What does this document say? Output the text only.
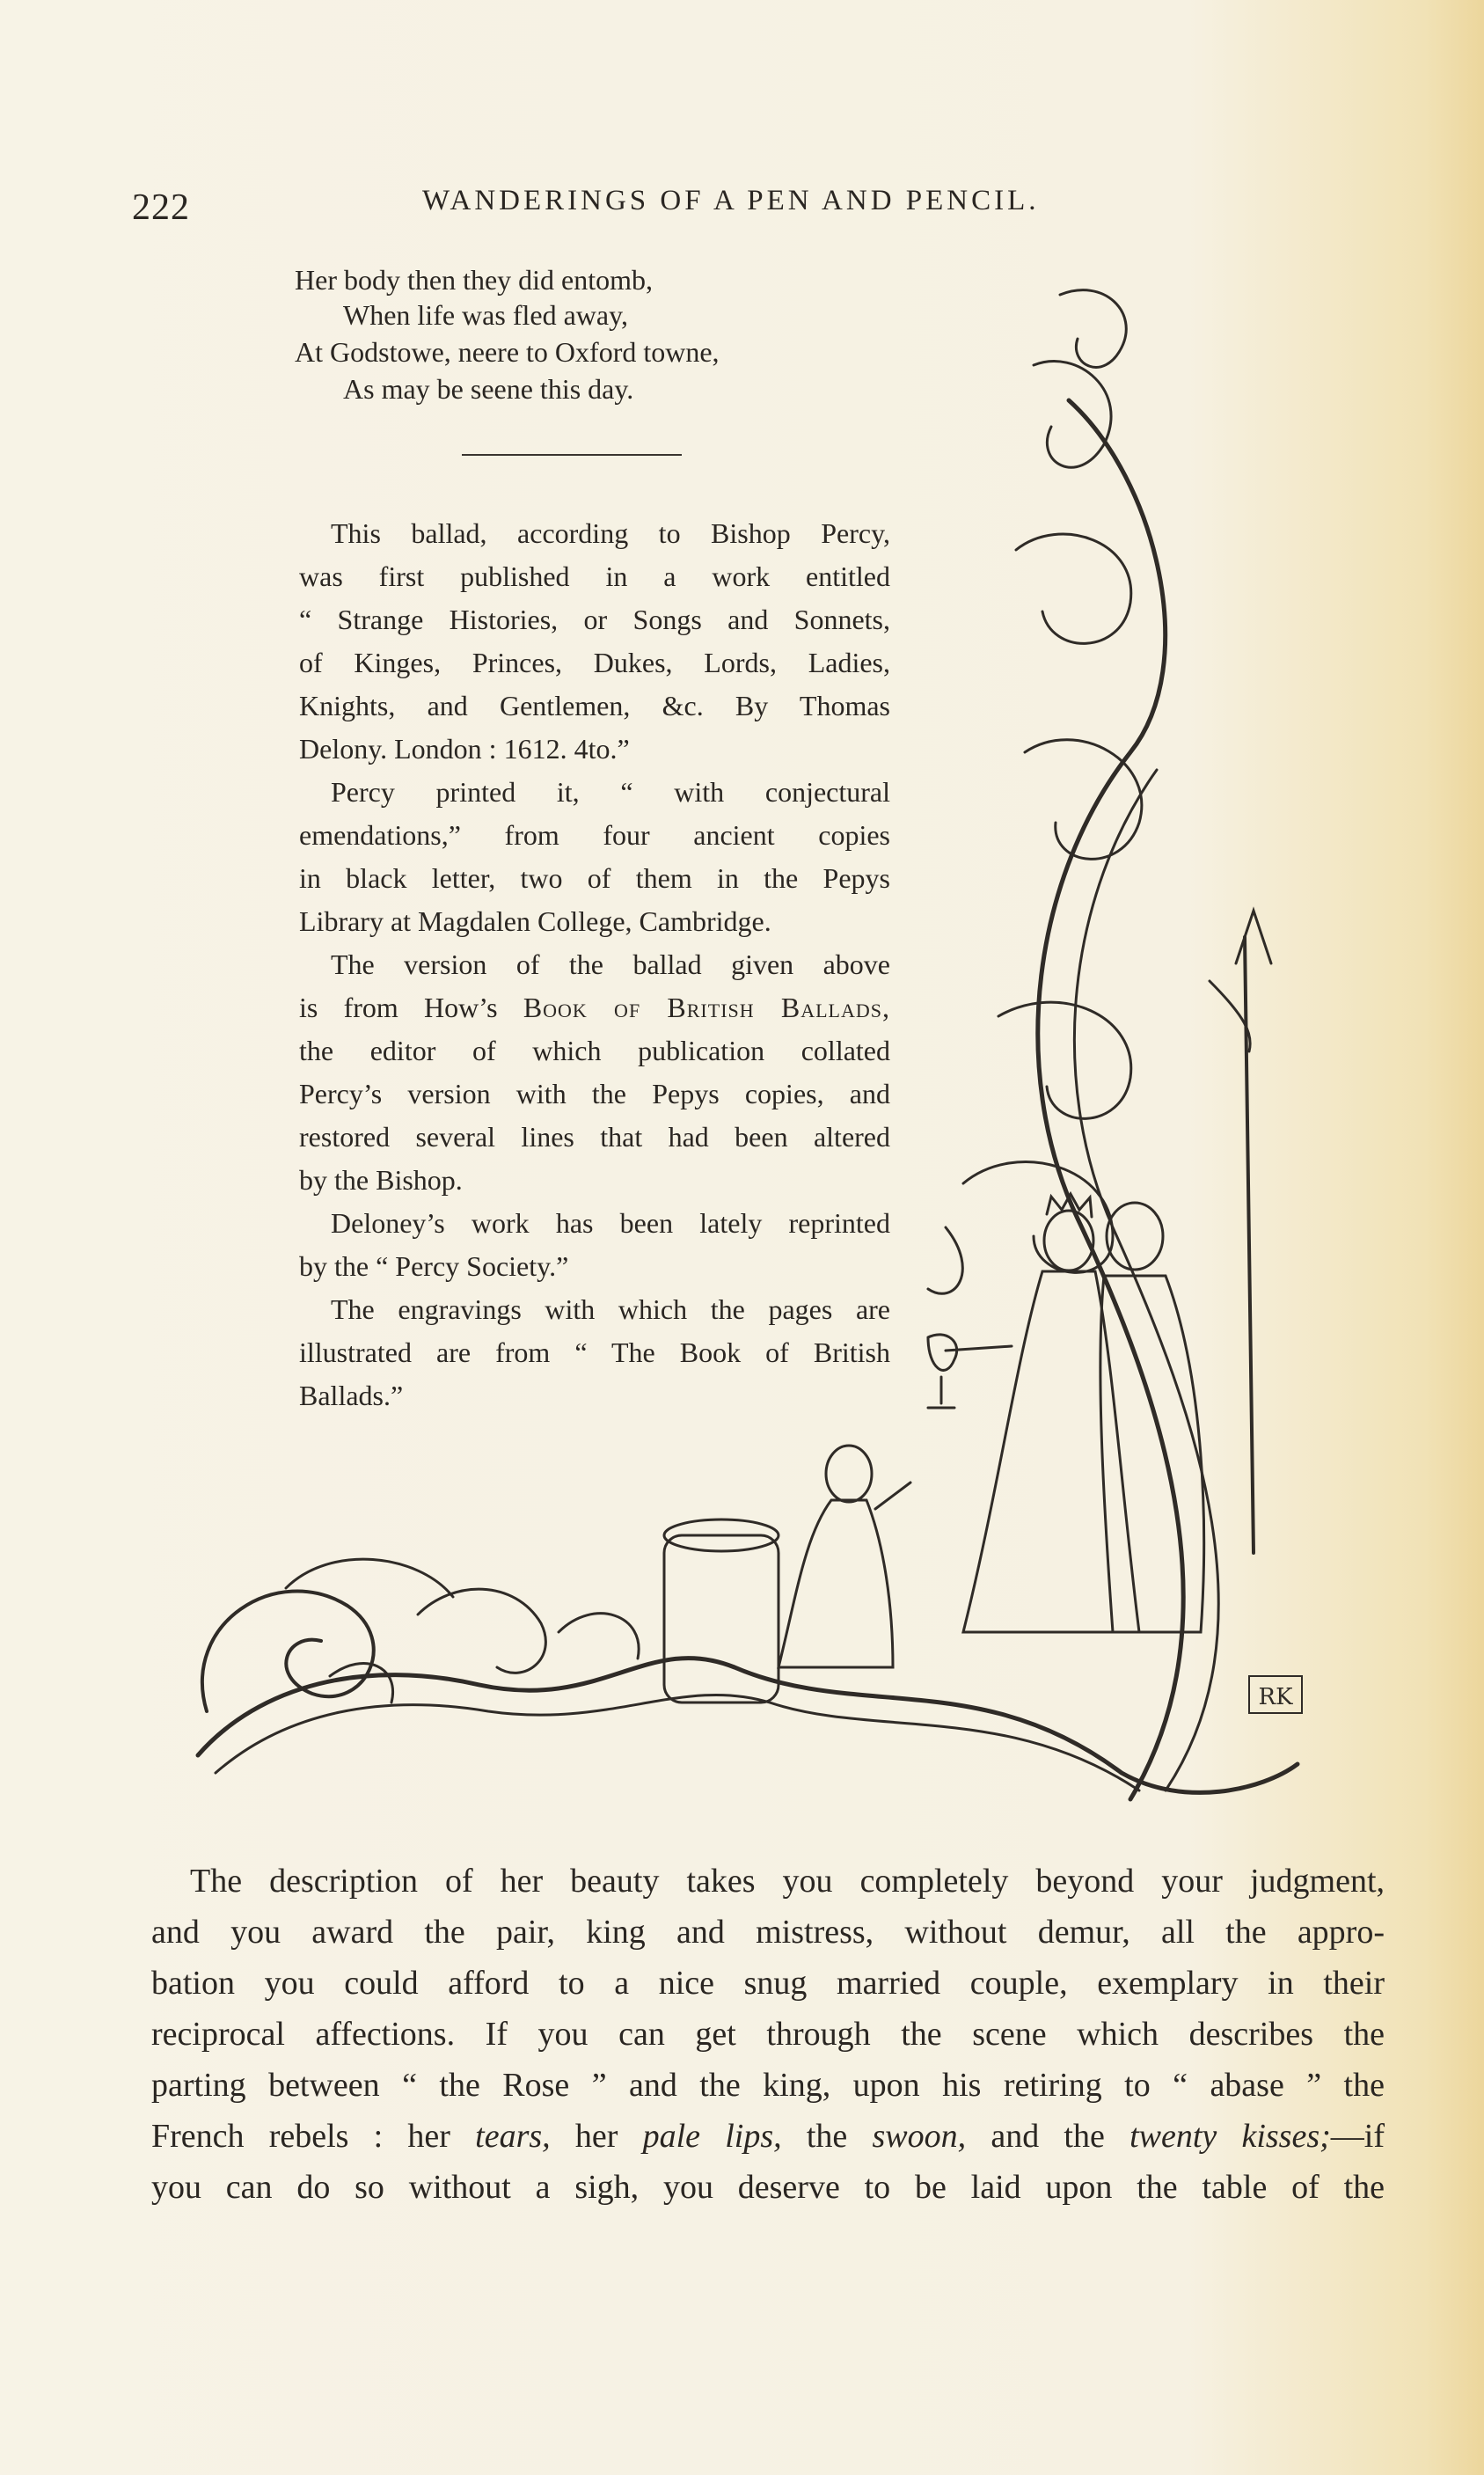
222	WANDERINGS OF A PEN AND PENCIL.
Her body then they did entomb,
When life was fled away,
At Godstowe, neere to Oxford towne,
As may be seene this day.

This ballad, according to Bishop Percy,

was first published in a work entitled

“ Strange Histories, or Songs and Sonnets,

of Kinges, Princes, Dukes, Lords, Ladies,

Knights, and Gentlemen, &c. By Thomas

Delony. London : 1612. 4to.”

Percy printed it, “ with conjectural

emendations,” from four ancient copies

in black letter, two of them in the Pepys

Library at Magdalen College, Cambridge.

The version of the ballad given above

is from How’s Book of British Ballads,

the editor of which publication collated

Percy’s version with the Pepys copies, and

restored several lines that had been altered

by the Bishop.

Deloney’s work has been lately reprinted

by the “ Percy Society.”

The engravings with which the pages are

illustrated are from “ The Book of British

Ballads.”

RK

The description of her beauty takes you completely beyond your judgment,

and you award the pair, king and mistress, without demur, all the appro-

bation you could afford to a nice snug married couple, exemplary in their

reciprocal affections. If you can get through the scene which describes the

parting between “ the Rose ” and the king, upon his retiring to “ abase ” the

French rebels : her tears, her pale lips, the swoon, and the twenty kisses;—if

you can do so without a sigh, you deserve to be laid upon the table of the
